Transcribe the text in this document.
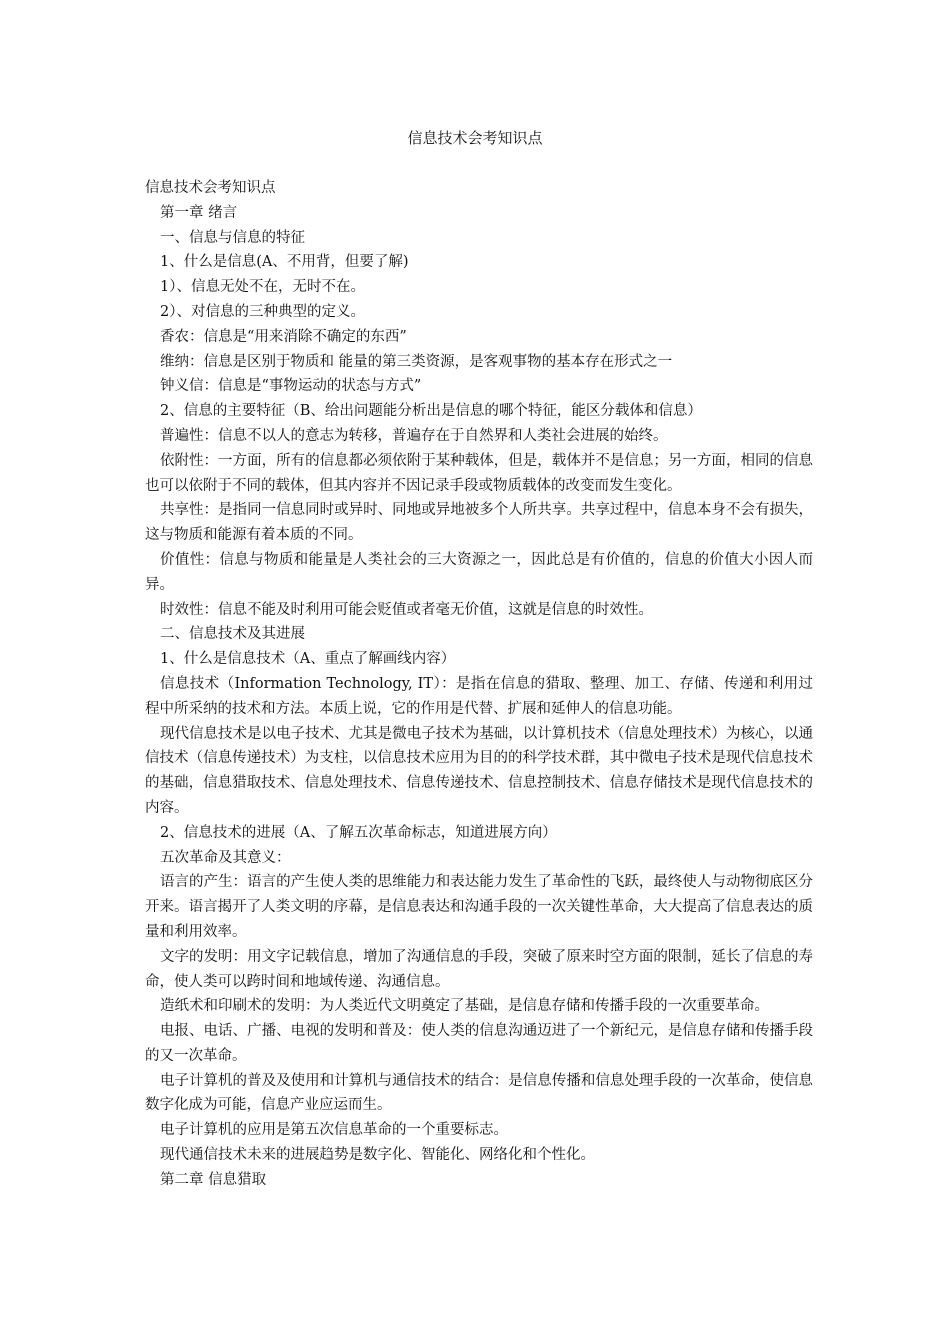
信息技术会考知识点

信息技术会考知识点

第一章 绪言

一、信息与信息的特征

1、什么是信息(A、不用背，但要了解)

1）、信息无处不在，无时不在。

2）、对信息的三种典型的定义。

香农：信息是“用来消除不确定的东西”

维纳：信息是区别于物质和 能量的第三类资源，是客观事物的基本存在形式之一

钟义信：信息是“事物运动的状态与方式”

2、信息的主要特征（B、给出问题能分析出是信息的哪个特征，能区分载体和信息）

普遍性：信息不以人的意志为转移，普遍存在于自然界和人类社会进展的始终。

依附性：一方面，所有的信息都必须依附于某种载体，但是，载体并不是信息；另一方面，相同的信息也可以依附于不同的载体，但其内容并不因记录手段或物质载体的改变而发生变化。

共享性：是指同一信息同时或异时、同地或异地被多个人所共享。共享过程中，信息本身不会有损失，这与物质和能源有着本质的不同。

价值性：信息与物质和能量是人类社会的三大资源之一，因此总是有价值的，信息的价值大小因人而异。

时效性：信息不能及时利用可能会贬值或者毫无价值，这就是信息的时效性。

二、信息技术及其进展

1、什么是信息技术（A、重点了解画线内容）

信息技术（Information Technology, IT）：是指在信息的猎取、整理、加工、存储、传递和利用过程中所采纳的技术和方法。本质上说，它的作用是代替、扩展和延伸人的信息功能。

现代信息技术是以电子技术、尤其是微电子技术为基础，以计算机技术（信息处理技术）为核心，以通信技术（信息传递技术）为支柱，以信息技术应用为目的的科学技术群，其中微电子技术是现代信息技术的基础，信息猎取技术、信息处理技术、信息传递技术、信息控制技术、信息存储技术是现代信息技术的内容。

2、信息技术的进展（A、了解五次革命标志，知道进展方向）

五次革命及其意义：

语言的产生：语言的产生使人类的思维能力和表达能力发生了革命性的飞跃，最终使人与动物彻底区分开来。语言揭开了人类文明的序幕，是信息表达和沟通手段的一次关键性革命，大大提高了信息表达的质量和利用效率。

文字的发明：用文字记载信息，增加了沟通信息的手段，突破了原来时空方面的限制，延长了信息的寿命，使人类可以跨时间和地域传递、沟通信息。

造纸术和印刷术的发明：为人类近代文明奠定了基础，是信息存储和传播手段的一次重要革命。

电报、电话、广播、电视的发明和普及：使人类的信息沟通迈进了一个新纪元，是信息存储和传播手段的又一次革命。

电子计算机的普及及使用和计算机与通信技术的结合：是信息传播和信息处理手段的一次革命，使信息数字化成为可能，信息产业应运而生。

电子计算机的应用是第五次信息革命的一个重要标志。

现代通信技术未来的进展趋势是数字化、智能化、网络化和个性化。

第二章 信息猎取
